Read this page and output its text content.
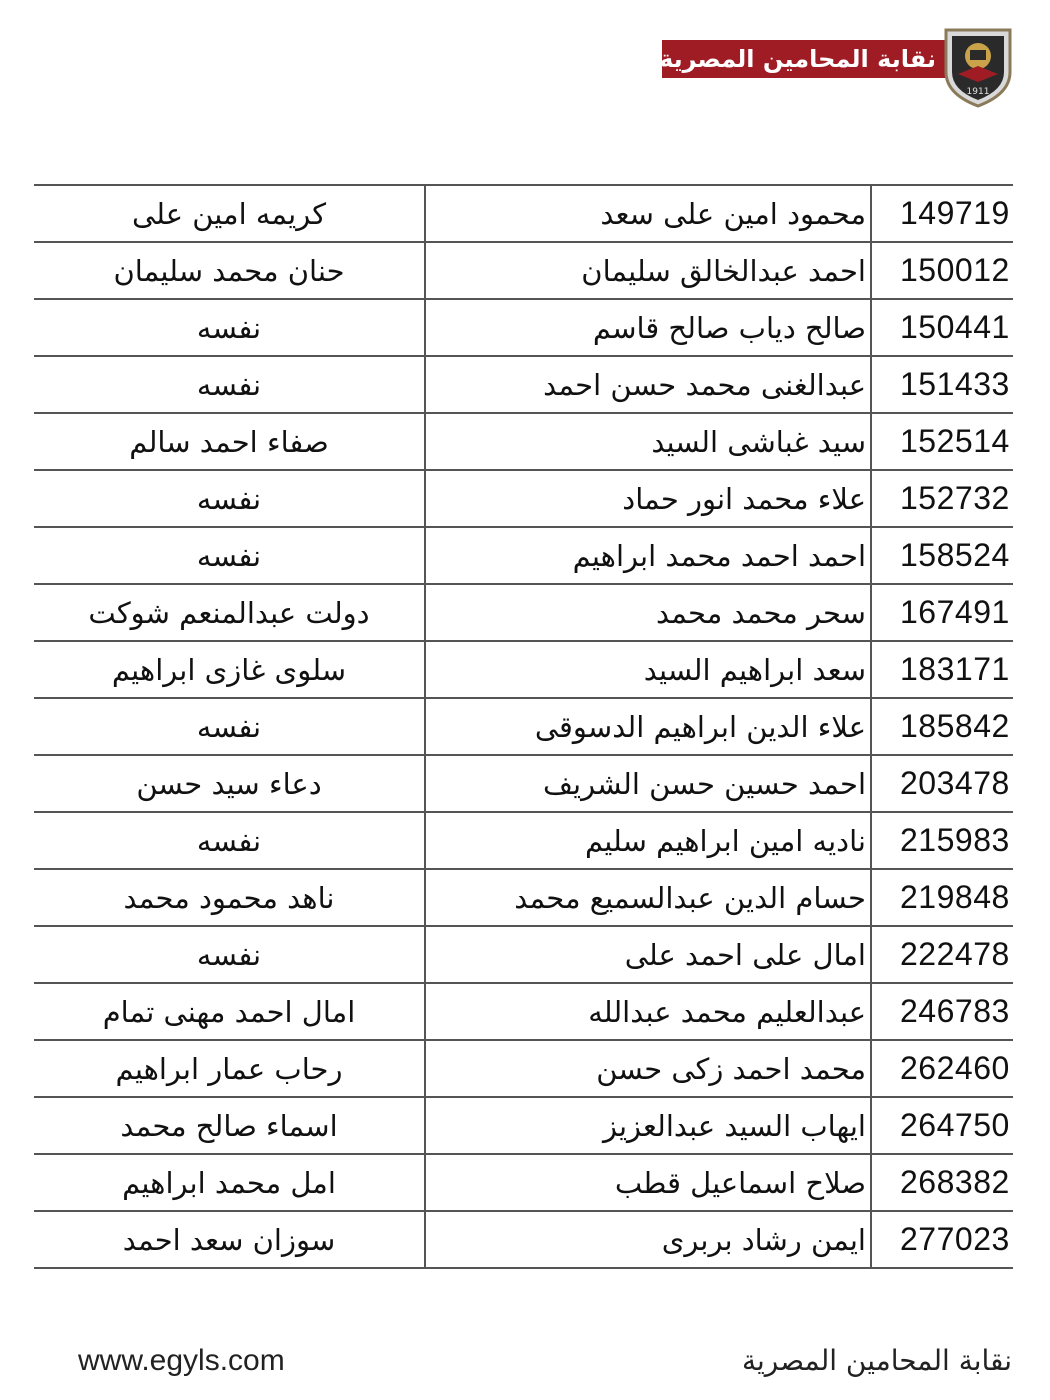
نقابة المحامين المصرية
1911
كريمه امين على	محمود امين على سعد	149719
حنان محمد سليمان	احمد عبدالخالق سليمان	150012
نفسه	صالح دياب صالح قاسم	150441
نفسه	عبدالغنى محمد حسن احمد	151433
صفاء احمد سالم	سيد غباشى السيد	152514
نفسه	علاء محمد انور حماد	152732
نفسه	احمد احمد محمد ابراهيم	158524
دولت عبدالمنعم شوكت	سحر محمد محمد	167491
سلوى غازى ابراهيم	سعد ابراهيم السيد	183171
نفسه	علاء الدين ابراهيم الدسوقى	185842
دعاء سيد حسن	احمد حسين حسن الشريف	203478
نفسه	ناديه امين ابراهيم سليم	215983
ناهد محمود محمد	حسام الدين عبدالسميع محمد	219848
نفسه	امال على احمد على	222478
امال احمد مهنى تمام	عبدالعليم محمد عبدالله	246783
رحاب عمار ابراهيم	محمد احمد زكى حسن	262460
اسماء صالح محمد	ايهاب السيد عبدالعزيز	264750
امل محمد ابراهيم	صلاح اسماعيل قطب	268382
سوزان سعد احمد	ايمن رشاد بربرى	277023
www.egyls.com	نقابة المحامين المصرية
